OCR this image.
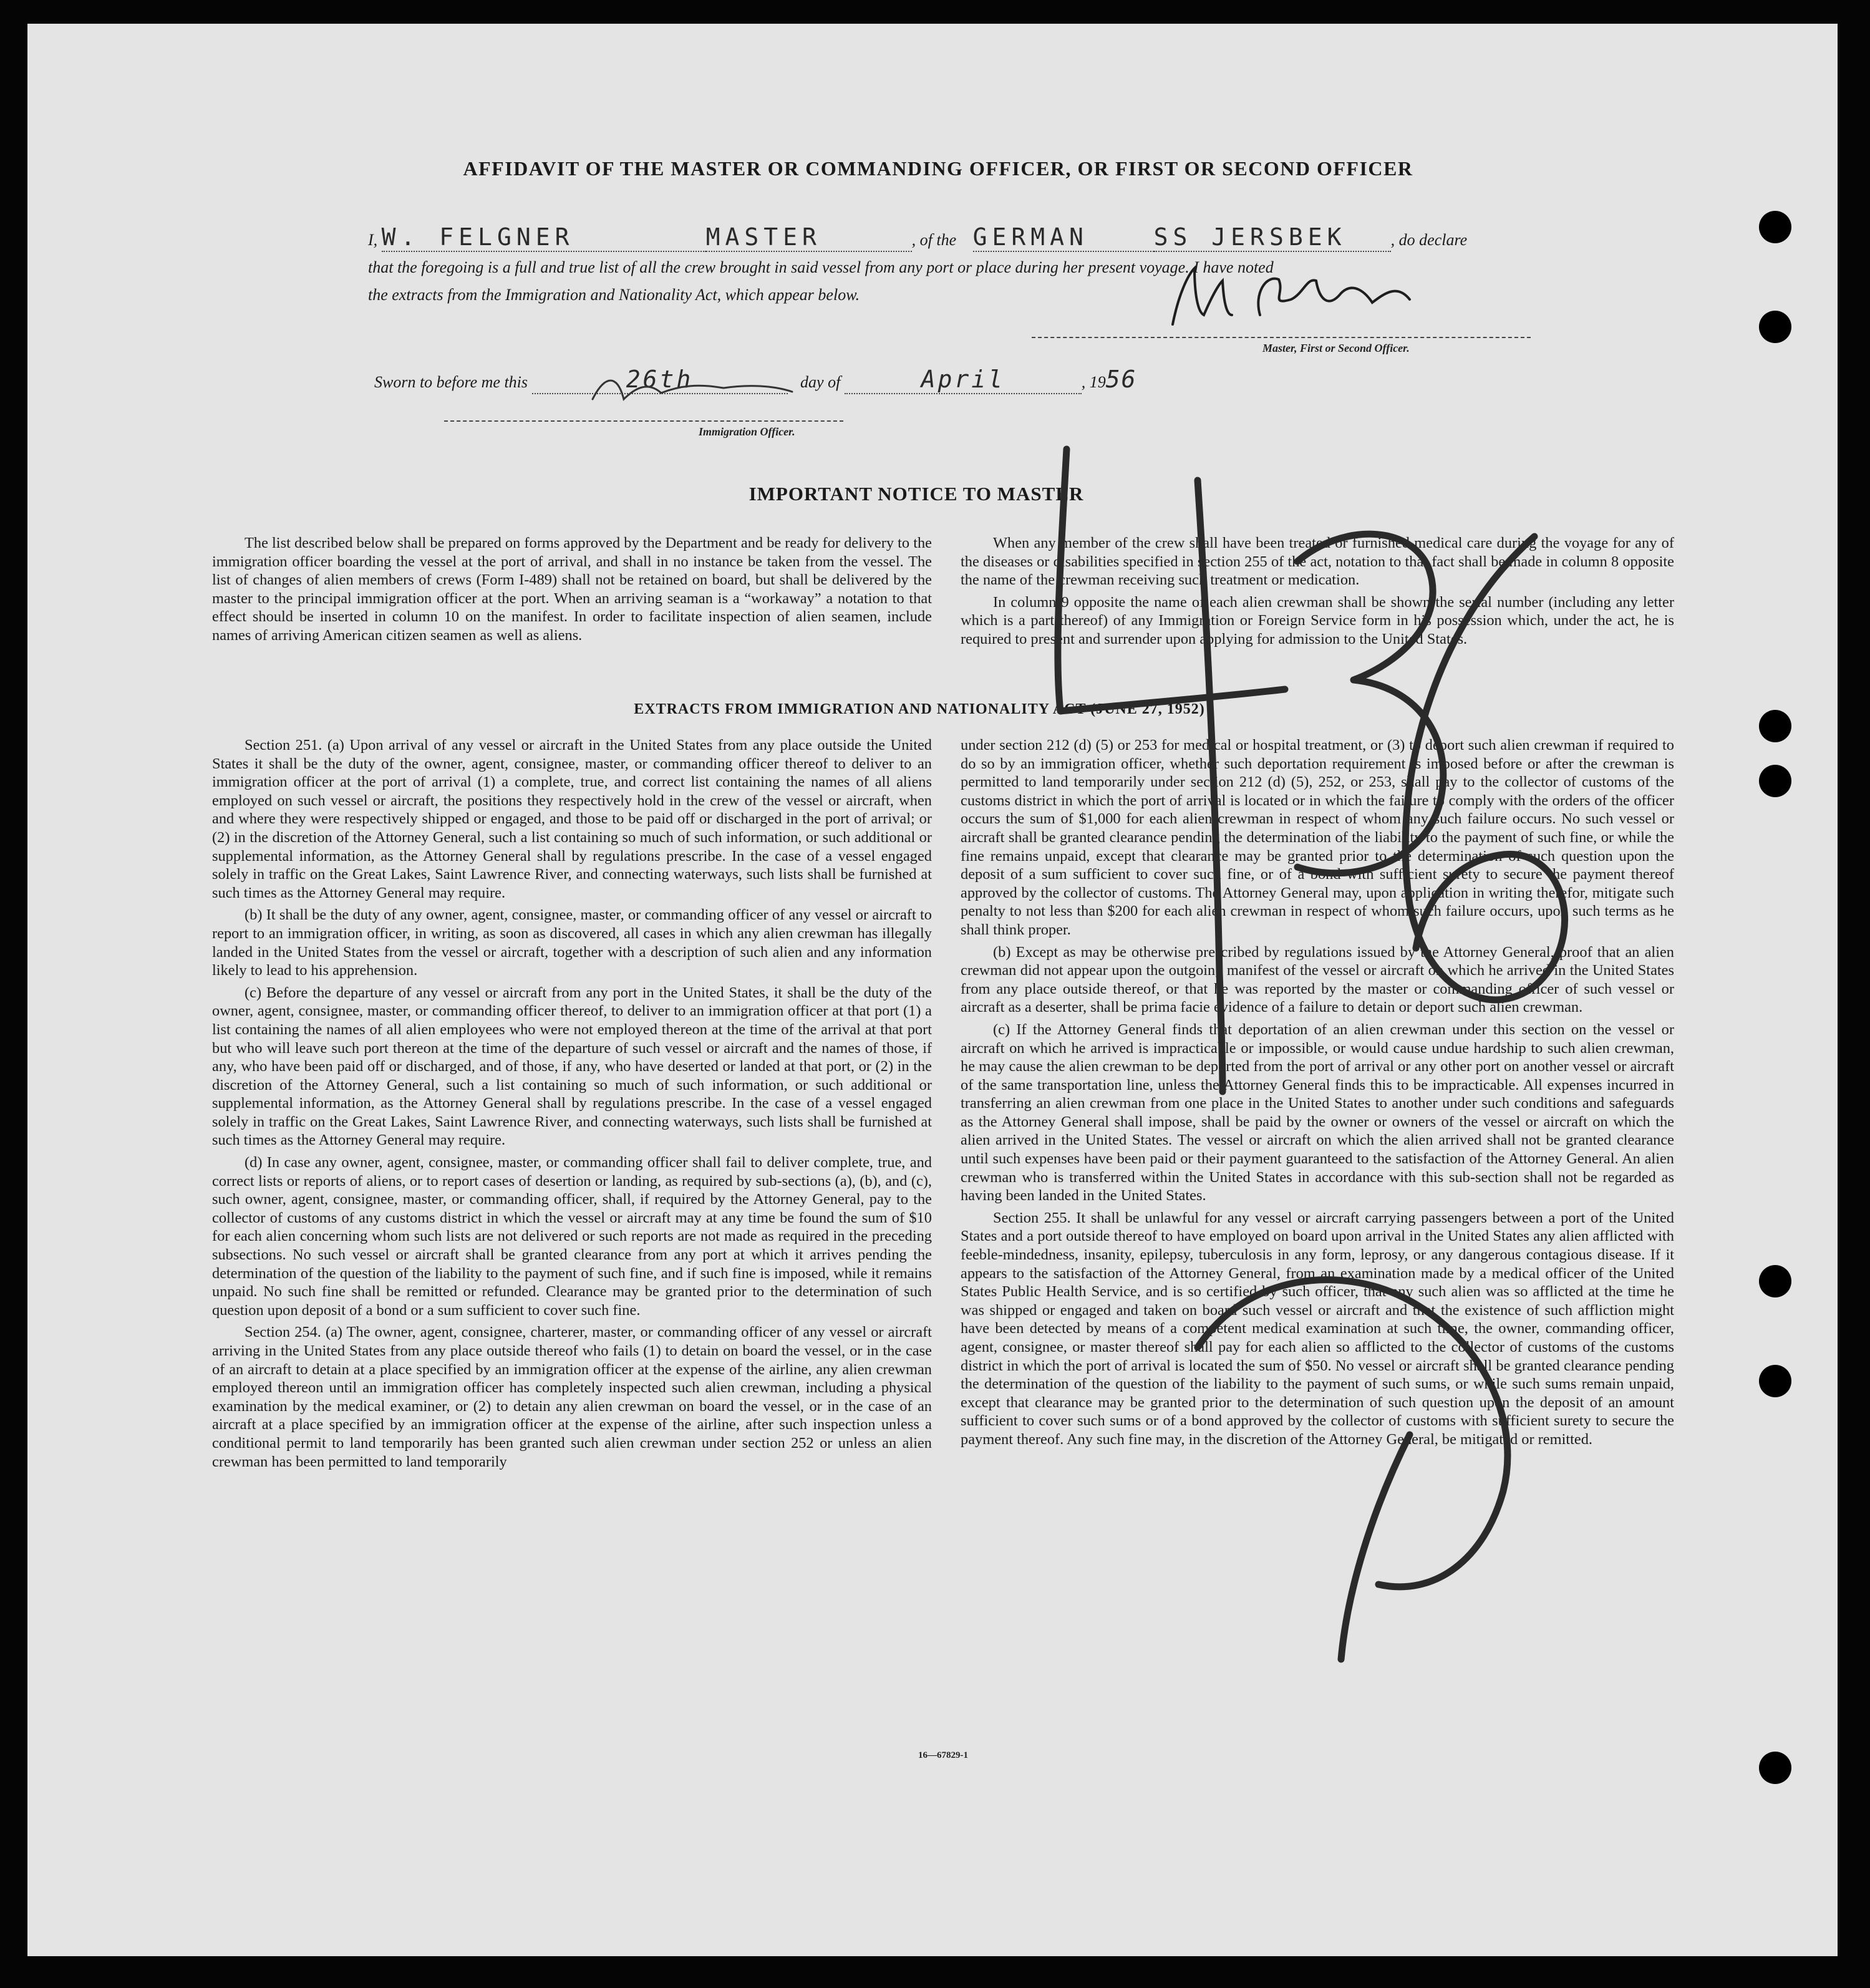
AFFIDAVIT OF THE MASTER OR COMMANDING OFFICER, OR FIRST OR SECOND OFFICER
I, W. FELGNER	MASTER	, of the GERMAN	SS JERSBEK	, do declare
that the foregoing is a full and true list of all the crew brought in said vessel from any port or place during her present voyage. I have noted
the extracts from the Immigration and Nationality Act, which appear below.
Master, First or Second Officer.
Sworn to before me this	26th	day of	April	, 1956
Immigration Officer.
IMPORTANT NOTICE TO MASTER

The list described below shall be prepared on forms approved by the Department and be ready for delivery to the immigration officer boarding the vessel at the port of arrival, and shall in no instance be taken from the vessel. The list of changes of alien members of crews (Form I-489) shall not be retained on board, but shall be delivered by the master to the principal immigration officer at the port. When an arriving seaman is a “workaway” a notation to that effect should be inserted in column 10 on the manifest. In order to facilitate inspection of alien seamen, include names of arriving American citizen seamen as well as aliens.

When any member of the crew shall have been treated or furnished medical care during the voyage for any of the diseases or disabilities specified in section 255 of the act, notation to that fact shall be made in column 8 opposite the name of the crewman receiving such treatment or medication.

In column 9 opposite the name of each alien crewman shall be shown the serial number (including any letter which is a part thereof) of any Immigration or Foreign Service form in his possession which, under the act, he is required to present and surrender upon applying for admission to the United States.

EXTRACTS FROM IMMIGRATION AND NATIONALITY ACT (JUNE 27, 1952)

Section 251. (a) Upon arrival of any vessel or aircraft in the United States from any place outside the United States it shall be the duty of the owner, agent, consignee, master, or commanding officer thereof to deliver to an immigration officer at the port of arrival (1) a complete, true, and correct list containing the names of all aliens employed on such vessel or aircraft, the positions they respectively hold in the crew of the vessel or aircraft, when and where they were respectively shipped or engaged, and those to be paid off or discharged in the port of arrival; or (2) in the discretion of the Attorney General, such a list containing so much of such information, or such additional or supplemental information, as the Attorney General shall by regulations prescribe. In the case of a vessel engaged solely in traffic on the Great Lakes, Saint Lawrence River, and connecting waterways, such lists shall be furnished at such times as the Attorney General may require.

(b) It shall be the duty of any owner, agent, consignee, master, or commanding officer of any vessel or aircraft to report to an immigration officer, in writing, as soon as discovered, all cases in which any alien crewman has illegally landed in the United States from the vessel or aircraft, together with a description of such alien and any information likely to lead to his apprehension.

(c) Before the departure of any vessel or aircraft from any port in the United States, it shall be the duty of the owner, agent, consignee, master, or commanding officer thereof, to deliver to an immigration officer at that port (1) a list containing the names of all alien employees who were not employed thereon at the time of the arrival at that port but who will leave such port thereon at the time of the departure of such vessel or aircraft and the names of those, if any, who have been paid off or discharged, and of those, if any, who have deserted or landed at that port, or (2) in the discretion of the Attorney General, such a list containing so much of such information, or such additional or supplemental information, as the Attorney General shall by regulations prescribe. In the case of a vessel engaged solely in traffic on the Great Lakes, Saint Lawrence River, and connecting waterways, such lists shall be furnished at such times as the Attorney General may require.

(d) In case any owner, agent, consignee, master, or commanding officer shall fail to deliver complete, true, and correct lists or reports of aliens, or to report cases of desertion or landing, as required by sub-sections (a), (b), and (c), such owner, agent, consignee, master, or commanding officer, shall, if required by the Attorney General, pay to the collector of customs of any customs district in which the vessel or aircraft may at any time be found the sum of $10 for each alien concerning whom such lists are not delivered or such reports are not made as required in the preceding subsections. No such vessel or aircraft shall be granted clearance from any port at which it arrives pending the determination of the question of the liability to the payment of such fine, and if such fine is imposed, while it remains unpaid. No such fine shall be remitted or refunded. Clearance may be granted prior to the determination of such question upon deposit of a bond or a sum sufficient to cover such fine.

Section 254. (a) The owner, agent, consignee, charterer, master, or commanding officer of any vessel or aircraft arriving in the United States from any place outside thereof who fails (1) to detain on board the vessel, or in the case of an aircraft to detain at a place specified by an immigration officer at the expense of the airline, any alien crewman employed thereon until an immigration officer has completely inspected such alien crewman, including a physical examination by the medical examiner, or (2) to detain any alien crewman on board the vessel, or in the case of an aircraft at a place specified by an immigration officer at the expense of the airline, after such inspection unless a conditional permit to land temporarily has been granted such alien crewman under section 252 or unless an alien crewman has been permitted to land temporarily

under section 212 (d) (5) or 253 for medical or hospital treatment, or (3) to deport such alien crewman if required to do so by an immigration officer, whether such deportation requirement is imposed before or after the crewman is permitted to land temporarily under section 212 (d) (5), 252, or 253, shall pay to the collector of customs of the customs district in which the port of arrival is located or in which the failure to comply with the orders of the officer occurs the sum of $1,000 for each alien crewman in respect of whom any such failure occurs. No such vessel or aircraft shall be granted clearance pending the determination of the liability to the payment of such fine, or while the fine remains unpaid, except that clearance may be granted prior to the determination of such question upon the deposit of a sum sufficient to cover such fine, or of a bond with sufficient surety to secure the payment thereof approved by the collector of customs. The Attorney General may, upon application in writing therefor, mitigate such penalty to not less than $200 for each alien crewman in respect of whom such failure occurs, upon such terms as he shall think proper.

(b) Except as may be otherwise prescribed by regulations issued by the Attorney General, proof that an alien crewman did not appear upon the outgoing manifest of the vessel or aircraft on which he arrived in the United States from any place outside thereof, or that he was reported by the master or commanding officer of such vessel or aircraft as a deserter, shall be prima facie evidence of a failure to detain or deport such alien crewman.

(c) If the Attorney General finds that deportation of an alien crewman under this section on the vessel or aircraft on which he arrived is impracticable or impossible, or would cause undue hardship to such alien crewman, he may cause the alien crewman to be deported from the port of arrival or any other port on another vessel or aircraft of the same transportation line, unless the Attorney General finds this to be impracticable. All expenses incurred in transferring an alien crewman from one place in the United States to another under such conditions and safeguards as the Attorney General shall impose, shall be paid by the owner or owners of the vessel or aircraft on which the alien arrived in the United States. The vessel or aircraft on which the alien arrived shall not be granted clearance until such expenses have been paid or their payment guaranteed to the satisfaction of the Attorney General. An alien crewman who is transferred within the United States in accordance with this sub-section shall not be regarded as having been landed in the United States.

Section 255. It shall be unlawful for any vessel or aircraft carrying passengers between a port of the United States and a port outside thereof to have employed on board upon arrival in the United States any alien afflicted with feeble-mindedness, insanity, epilepsy, tuberculosis in any form, leprosy, or any dangerous contagious disease. If it appears to the satisfaction of the Attorney General, from an examination made by a medical officer of the United States Public Health Service, and is so certified by such officer, that any such alien was so afflicted at the time he was shipped or engaged and taken on board such vessel or aircraft and that the existence of such affliction might have been detected by means of a competent medical examination at such time, the owner, commanding officer, agent, consignee, or master thereof shall pay for each alien so afflicted to the collector of customs of the customs district in which the port of arrival is located the sum of $50. No vessel or aircraft shall be granted clearance pending the determination of the question of the liability to the payment of such sums, or while such sums remain unpaid, except that clearance may be granted prior to the determination of such question upon the deposit of an amount sufficient to cover such sums or of a bond approved by the collector of customs with sufficient surety to secure the payment thereof. Any such fine may, in the discretion of the Attorney General, be mitigated or remitted.

16—67829-1
